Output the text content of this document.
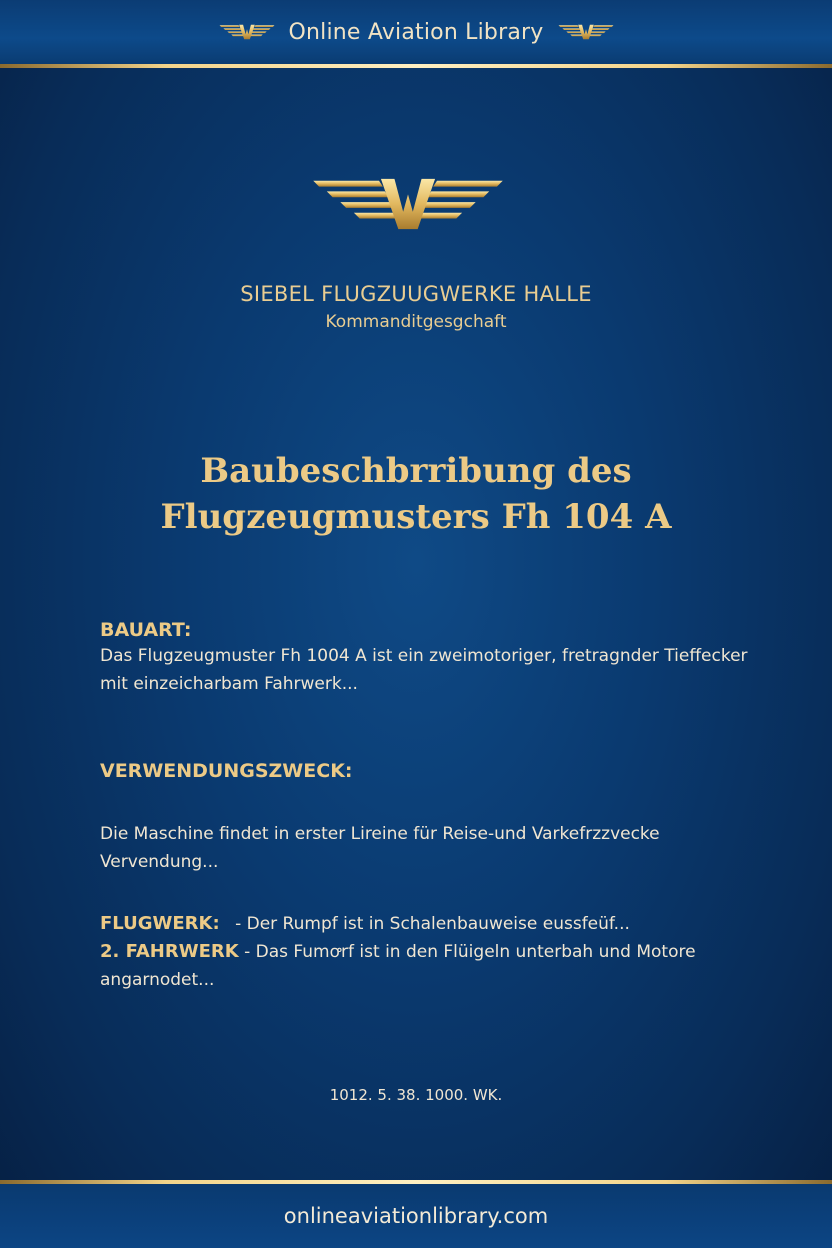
Online Aviation Library
SIEBEL FLUGZUUGWERKE HALLE
Kommanditgesgchaft
Baubeschbrribung des
Flugzeugmusters Fh 104 A
BAUART:
Das Flugzeugmuster Fh 1004 A ist ein zweimotoriger, fretragnder Tieffecker mit einzeicharbam Fahrwerk...
VERWENDUNGSZWECK:
Die Maschine findet in erster Lireine für Reise-und Varkefrzzvecke Vervendung...
FLUGWERK: - Der Rumpf ist in Schalenbauweise eussfeüf...
2. FAHRWERK - Das Fumꝍrf ist in den Flüigeln unterbah und Motore angarnodet...
1012. 5. 38. 1000. WK.
onlineaviationlibrary.com
